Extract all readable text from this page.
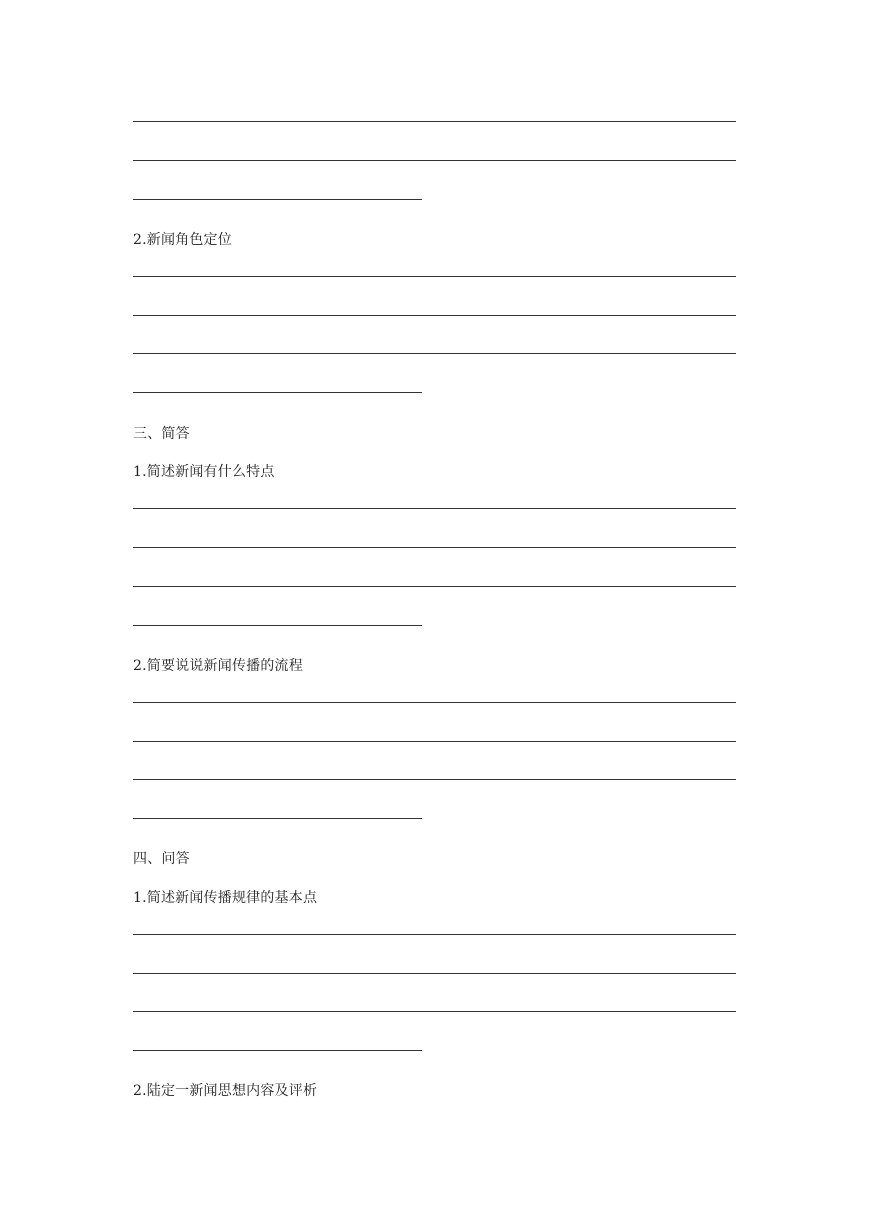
2.新闻角色定位
三、简答
1.简述新闻有什么特点
2.简要说说新闻传播的流程
四、问答
1.简述新闻传播规律的基本点
2.陆定一新闻思想内容及评析
